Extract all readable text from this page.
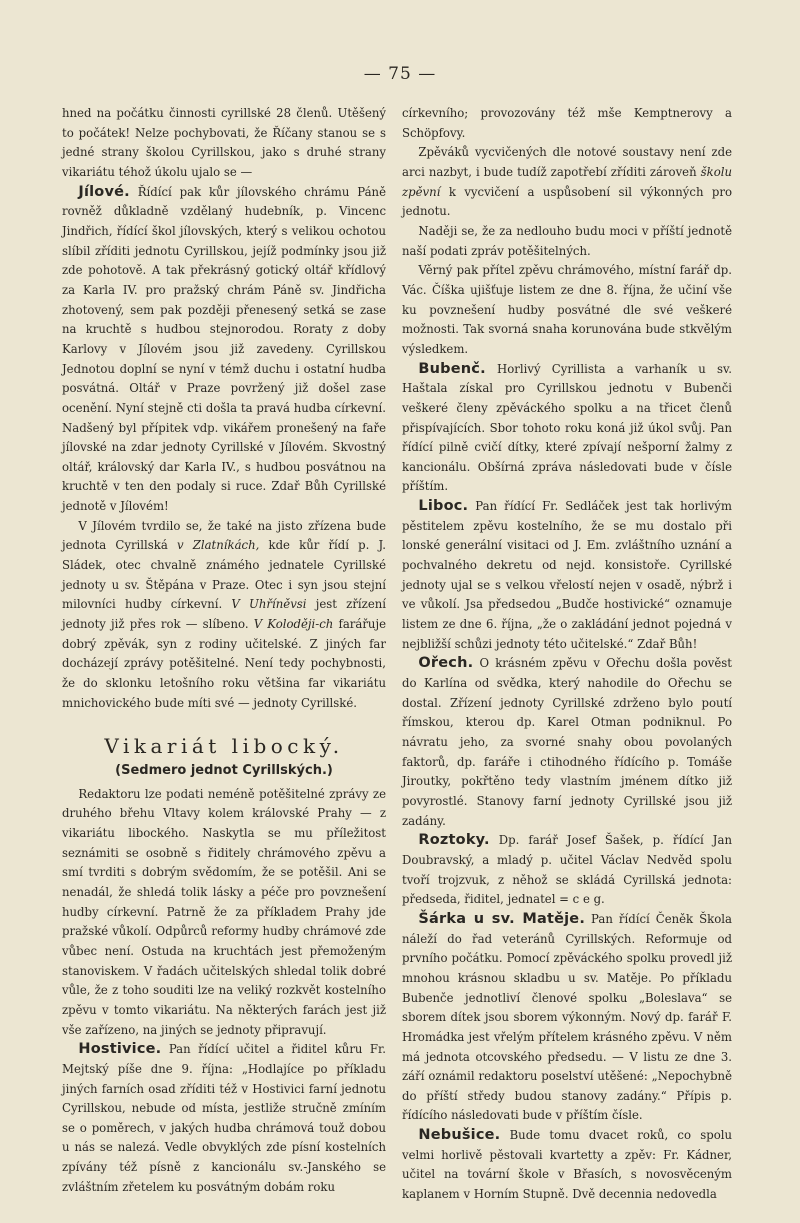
— 75 —

hned na počátku činnosti cyrillské 28 členů. Utěšený to počátek! Nelze pochybovati, že Říčany stanou se s jedné strany školou Cyrillskou, jako s druhé strany vikariátu téhož úkolu ujalo se —

Jílové. Řídící pak kůr jílovského chrámu Páně rovněž důkladně vzdělaný hudebník, p. Vincenc Jindřich, řídící škol jílovských, který s velikou ochotou slíbil zříditi jednotu Cyrillskou, jejíž podmínky jsou již zde pohotově. A tak překrásný gotický oltář křídlový za Karla IV. pro pražský chrám Páně sv. Jindřicha zhotovený, sem pak později přenesený setká se zase na kruchtě s hudbou stejnorodou. Roraty z doby Karlovy v Jílovém jsou již zavedeny. Cyrillskou Jednotou doplní se nyní v témž duchu i ostatní hudba posvátná. Oltář v Praze povržený již došel zase ocenění. Nyní stejně cti došla ta pravá hudba církevní. Nadšený byl přípitek vdp. vikářem pronešený na faře jílovské na zdar jednoty Cyrillské v Jílovém. Skvostný oltář, královský dar Karla IV., s hudbou posvátnou na kruchtě v ten den podaly si ruce. Zdař Bůh Cyrillské jednotě v Jílovém!

V Jílovém tvrdilo se, že také na jisto zřízena bude jednota Cyrillská v Zlatníkách, kde kůr řídí p. J. Sládek, otec chvalně známého jednatele Cyrillské jednoty u sv. Štěpána v Praze. Otec i syn jsou stejní milovníci hudby církevní. V Uhříněvsi jest zřízení jednoty již přes rok — slíbeno. V Koloději-ch farářuje dobrý zpěvák, syn z rodiny učitelské. Z jiných far docházejí zprávy potěšitelné. Není tedy pochybnosti, že do sklonku letošního roku většina far vikariátu mnichovického bude míti své — jednoty Cyrillské.

Vikariát libocký.
(Sedmero jednot Cyrillských.)

Redaktoru lze podati neméně potěšitelné zprávy ze druhého břehu Vltavy kolem královské Prahy — z vikariátu libockého. Naskytla se mu příležitost seznámiti se osobně s řiditely chrámového zpěvu a smí tvrditi s dobrým svědomím, že se potěšil. Ani se nenadál, že shledá tolik lásky a péče pro povznešení hudby církevní. Patrně že za příkladem Prahy jde pražské vůkolí. Odpůrců reformy hudby chrámové zde vůbec není. Ostuda na kruchtách jest přemoženým stanoviskem. V řadách učitelských shledal tolik dobré vůle, že z toho souditi lze na veliký rozkvět kostelního zpěvu v tomto vikariátu. Na některých farách jest již vše zařízeno, na jiných se jednoty připravují.

Hostivice. Pan řídící učitel a řiditel kůru Fr. Mejtský píše dne 9. října: „Hodlajíce po příkladu jiných farních osad zříditi též v Hostivici farní jednotu Cyrillskou, nebude od místa, jestliže stručně zmíním se o poměrech, v jakých hudba chrámová touž dobou u nás se nalezá. Vedle obvyklých zde písní kostelních zpívány též písně z kancionálu sv.-Janského se zvláštním zřetelem ku posvátným dobám roku

církevního; provozovány též mše Kemptnerovy a Schöpfovy.

Zpěváků vycvičených dle notové soustavy není zde arci nazbyt, i bude tudíž zapotřebí zříditi zároveň školu zpěvní k vycvičení a uspůsobení sil výkonných pro jednotu.

Naději se, že za nedlouho budu moci v příští jednotě naší podati zpráv potěšitelných.

Věrný pak přítel zpěvu chrámového, místní farář dp. Vác. Číška ujišťuje listem ze dne 8. října, že učiní vše ku povznešení hudby posvátné dle své veškeré možnosti. Tak svorná snaha korunována bude stkvělým výsledkem.

Bubenč. Horlivý Cyrillista a varhaník u sv. Haštala získal pro Cyrillskou jednotu v Bubenči veškeré členy zpěváckého spolku a na třicet členů přispívajících. Sbor tohoto roku koná již úkol svůj. Pan řídící pilně cvičí dítky, které zpívají nešporní žalmy z kancionálu. Obšírná zpráva následovati bude v čísle příštím.

Liboc. Pan řídící Fr. Sedláček jest tak horlivým pěstitelem zpěvu kostelního, že se mu dostalo při lonské generální visitaci od J. Em. zvláštního uznání a pochvalného dekretu od nejd. konsistoře. Cyrillské jednoty ujal se s velkou vřelostí nejen v osadě, nýbrž i ve vůkolí. Jsa předsedou „Budče hostivické“ oznamuje listem ze dne 6. října, „že o zakládání jednot pojedná v nejbližší schůzi jednoty této učitelské.“ Zdař Bůh!

Ořech. O krásném zpěvu v Ořechu došla pověst do Karlína od svědka, který nahodile do Ořechu se dostal. Zřízení jednoty Cyrillské zdrženo bylo poutí římskou, kterou dp. Karel Otman podniknul. Po návratu jeho, za svorné snahy obou povolaných faktorů, dp. faráře i ctihodného řídícího p. Tomáše Jiroutky, pokřtěno tedy vlastním jménem dítko již povyrostlé. Stanovy farní jednoty Cyrillské jsou již zadány.

Roztoky. Dp. farář Josef Šašek, p. řídící Jan Doubravský, a mladý p. učitel Václav Nedvěd spolu tvoří trojzvuk, z něhož se skládá Cyrillská jednota: předseda, řiditel, jednatel = c e g.

Šárka u sv. Matěje. Pan řídící Čeněk Škola náleží do řad veteránů Cyrillských. Reformuje od prvního počátku. Pomocí zpěváckého spolku provedl již mnohou krásnou skladbu u sv. Matěje. Po příkladu Bubenče jednotliví členové spolku „Boleslava“ se sborem dítek jsou sborem výkonným. Nový dp. farář F. Hromádka jest vřelým přítelem krásného zpěvu. V něm má jednota otcovského předsedu. — V listu ze dne 3. září oznámil redaktoru poselství utěšené: „Nepochybně do příští středy budou stanovy zadány.“ Přípis p. řídícího následovati bude v příštím čísle.

Nebušice. Bude tomu dvacet roků, co spolu velmi horlivě pěstovali kvartetty a zpěv: Fr. Kádner, učitel na tovární škole v Břasích, s novosvěceným kaplanem v Horním Stupně. Dvě decennia nedovedla
